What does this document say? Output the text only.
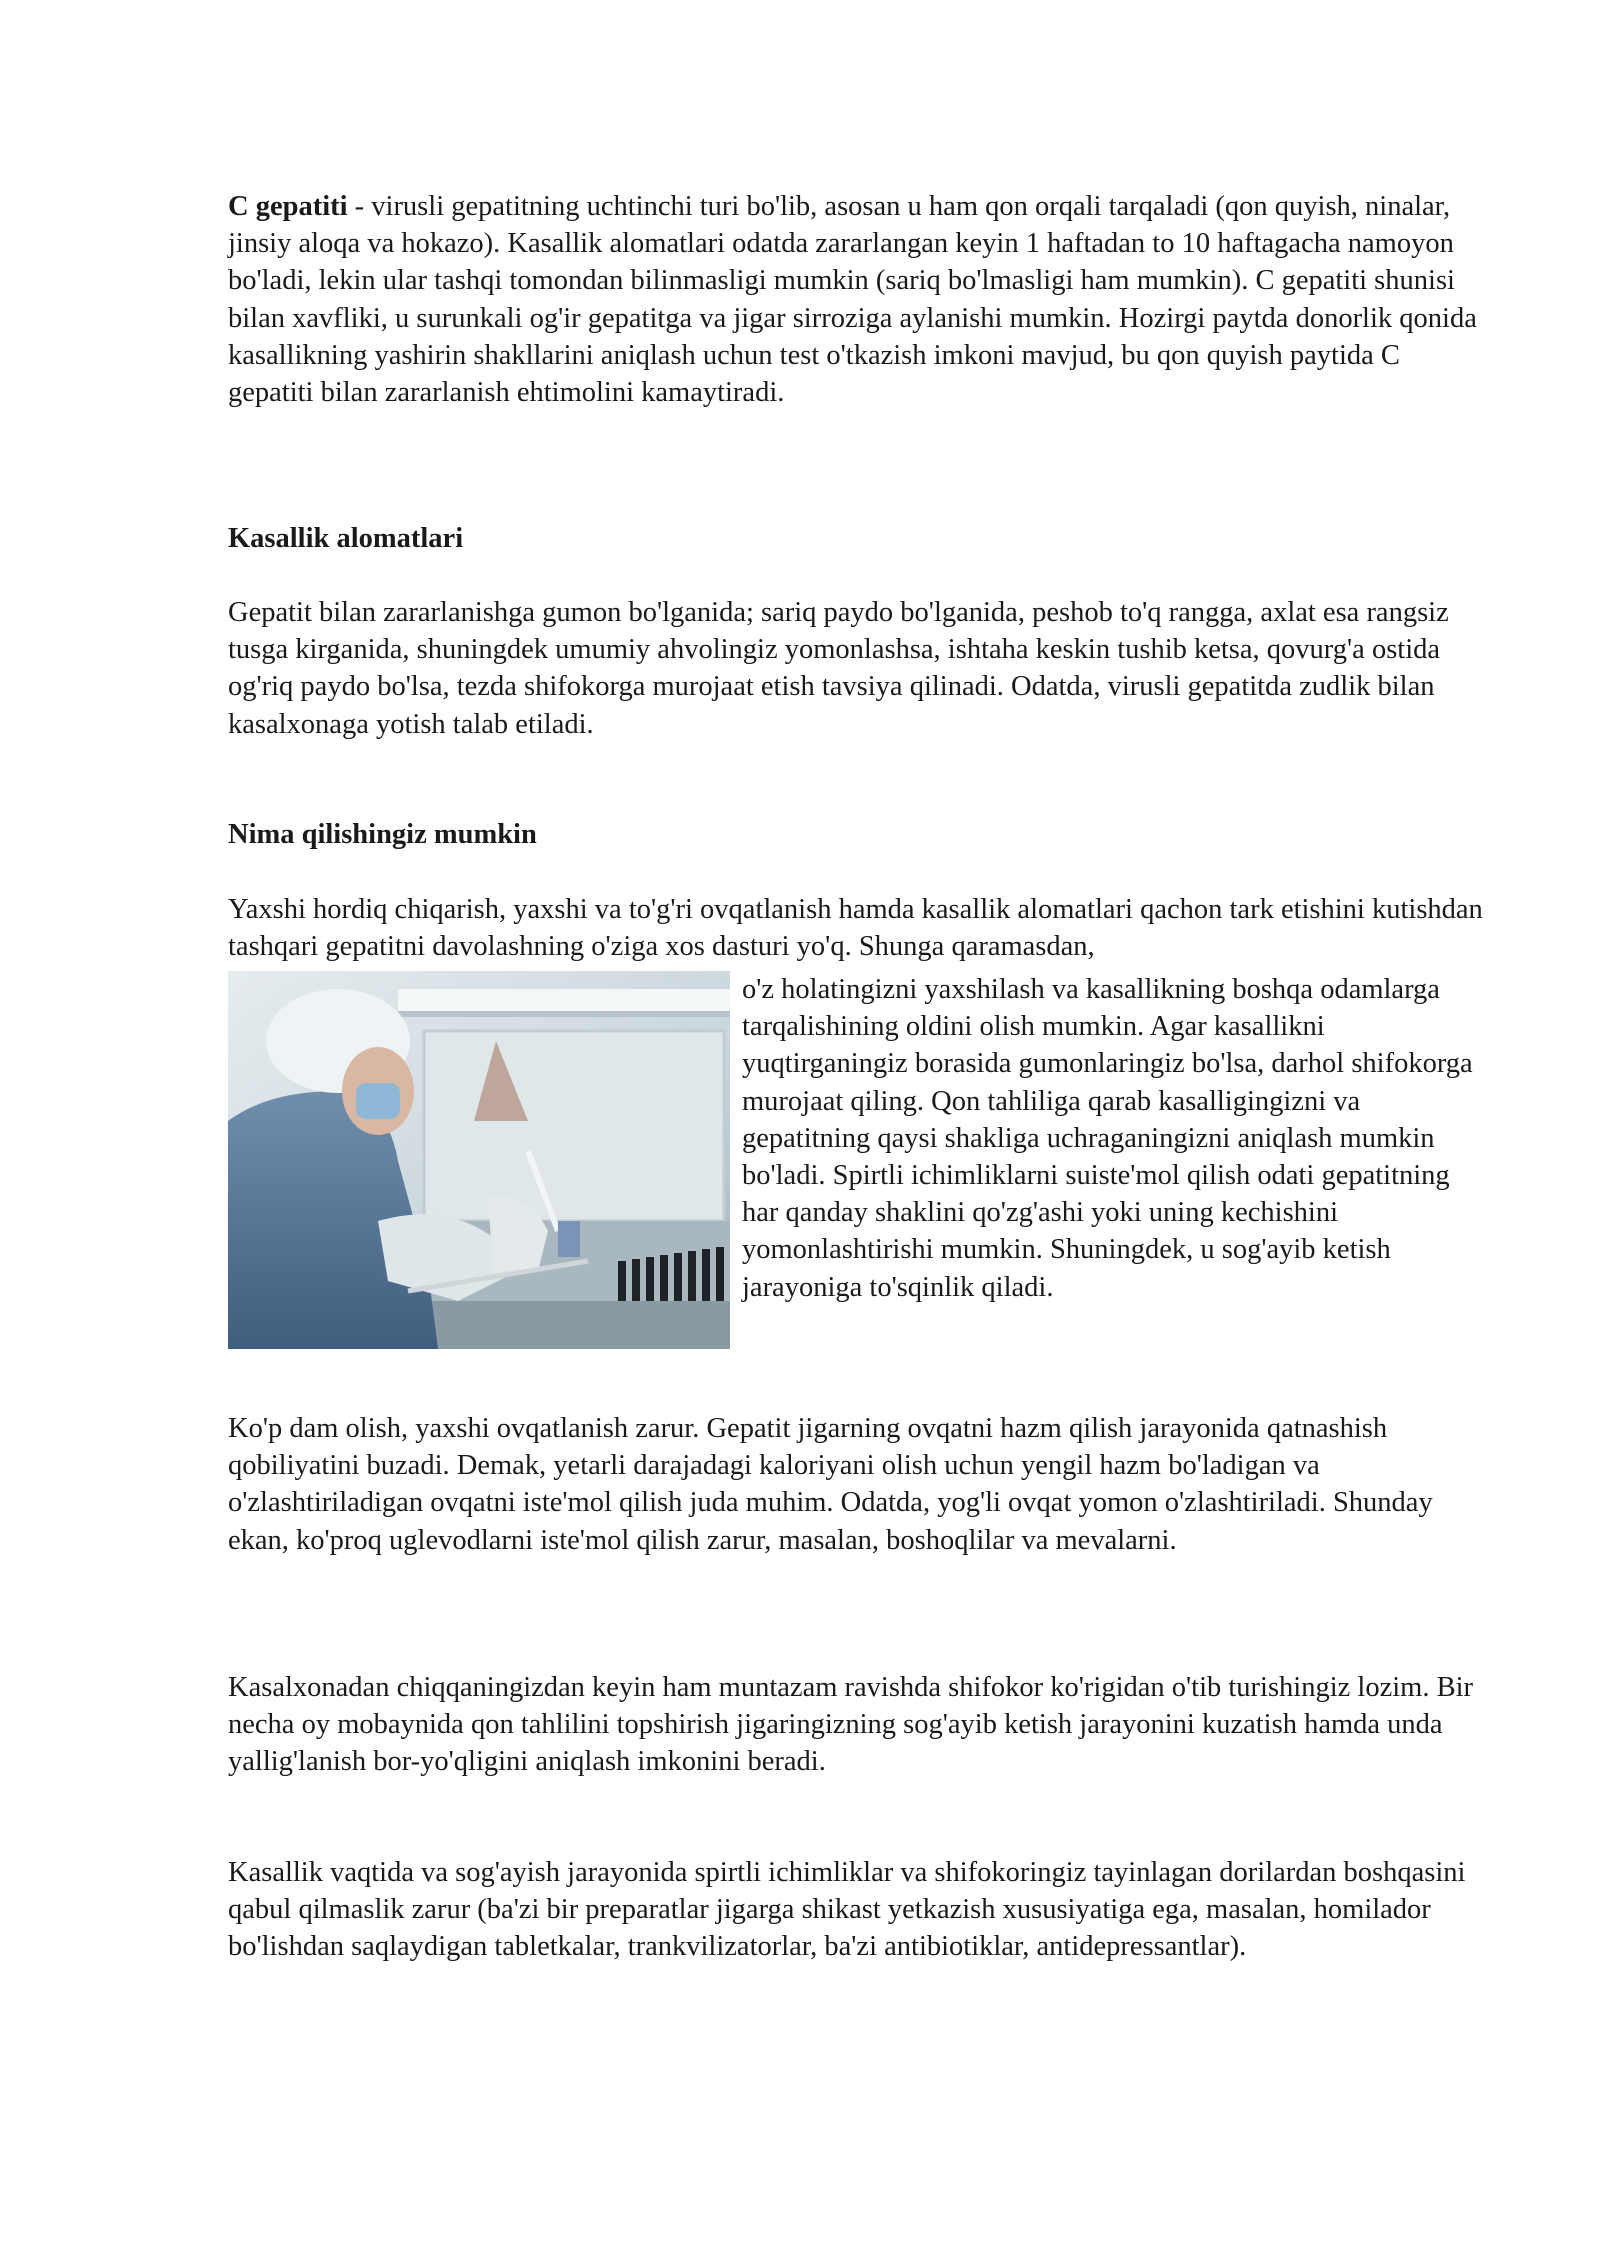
C gepatiti - virusli gepatitning uchtinchi turi bo'lib, asosan u ham qon orqali tarqaladi (qon quyish, ninalar, jinsiy aloqa va hokazo). Kasallik alomatlari odatda zararlangan keyin 1 haftadan to 10 haftagacha namoyon bo'ladi, lekin ular tashqi tomondan bilinmasligi mumkin (sariq bo'lmasligi ham mumkin). C gepatiti shunisi bilan xavfliki, u surunkali og'ir gepatitga va jigar sirroziga aylanishi mumkin. Hozirgi paytda donorlik qonida kasallikning yashirin shakllarini aniqlash uchun test o'tkazish imkoni mavjud, bu qon quyish paytida C gepatiti bilan zararlanish ehtimolini kamaytiradi.

Kasallik alomatlari

Gepatit bilan zararlanishga gumon bo'lganida; sariq paydo bo'lganida, peshob to'q rangga, axlat esa rangsiz tusga kirganida, shuningdek umumiy ahvolingiz yomonlashsa, ishtaha keskin tushib ketsa, qovurg'a ostida og'riq paydo bo'lsa, tezda shifokorga murojaat etish tavsiya qilinadi. Odatda, virusli gepatitda zudlik bilan kasalxonaga yotish talab etiladi.

Nima qilishingiz mumkin

Yaxshi hordiq chiqarish, yaxshi va to'g'ri ovqatlanish hamda kasallik alomatlari qachon tark etishini kutishdan tashqari gepatitni davolashning o'ziga xos dasturi yo'q. Shunga qaramasdan,

o'z holatingizni yaxshilash va kasallikning boshqa odamlarga tarqalishining oldini olish mumkin. Agar kasallikni yuqtirganingiz borasida gumonlaringiz bo'lsa, darhol shifokorga murojaat qiling. Qon tahliliga qarab kasalligingizni va gepatitning qaysi shakliga uchraganingizni aniqlash mumkin bo'ladi. Spirtli ichimliklarni suiste'mol qilish odati gepatitning har qanday shaklini qo'zg'ashi yoki uning kechishini yomonlashtirishi mumkin. Shuningdek, u sog'ayib ketish jarayoniga to'sqinlik qiladi.

Ko'p dam olish, yaxshi ovqatlanish zarur. Gepatit jigarning ovqatni hazm qilish jarayonida qatnashish qobiliyatini buzadi. Demak, yetarli darajadagi kaloriyani olish uchun yengil hazm bo'ladigan va o'zlashtiriladigan ovqatni iste'mol qilish juda muhim. Odatda, yog'li ovqat yomon o'zlashtiriladi. Shunday ekan, ko'proq uglevodlarni iste'mol qilish zarur, masalan, boshoqlilar va mevalarni.

Kasalxonadan chiqqaningizdan keyin ham muntazam ravishda shifokor ko'rigidan o'tib turishingiz lozim. Bir necha oy mobaynida qon tahlilini topshirish jigaringizning sog'ayib ketish jarayonini kuzatish hamda unda yallig'lanish bor-yo'qligini aniqlash imkonini beradi.

Kasallik vaqtida va sog'ayish jarayonida spirtli ichimliklar va shifokoringiz tayinlagan dorilardan boshqasini qabul qilmaslik zarur (ba'zi bir preparatlar jigarga shikast yetkazish xususiyatiga ega, masalan, homilador bo'lishdan saqlaydigan tabletkalar, trankvilizatorlar, ba'zi antibiotiklar, antidepressantlar).
